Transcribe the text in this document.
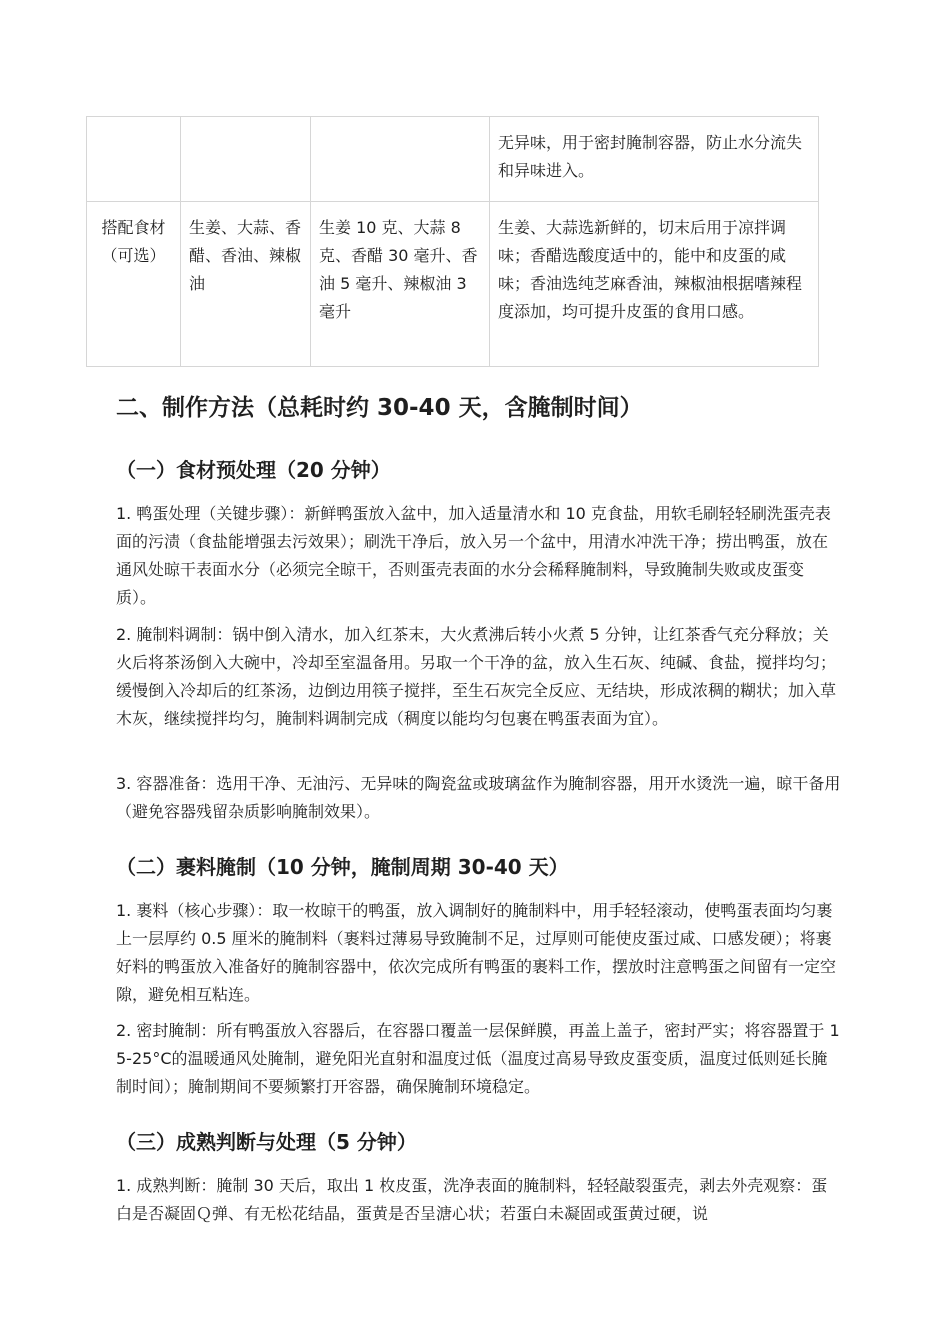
			无异味，用于密封腌制容器，防止水分流失和异味进入。
搭配食材（可选）	生姜、大蒜、香醋、香油、辣椒油	生姜 10 克、大蒜 8 克、香醋 30 毫升、香油 5 毫升、辣椒油 3 毫升	生姜、大蒜选新鲜的，切末后用于凉拌调味；香醋选酸度适中的，能中和皮蛋的咸味；香油选纯芝麻香油，辣椒油根据嗜辣程度添加，均可提升皮蛋的食用口感。
二、制作方法（总耗时约 30-40 天，含腌制时间）
（一）食材预处理（20 分钟）

1. 鸭蛋处理（关键步骤）：新鲜鸭蛋放入盆中，加入适量清水和 10 克食盐，用软毛刷轻轻刷洗蛋壳表面的污渍（食盐能增强去污效果）；刷洗干净后，放入另一个盆中，用清水冲洗干净；捞出鸭蛋，放在通风处晾干表面水分（必须完全晾干，否则蛋壳表面的水分会稀释腌制料，导致腌制失败或皮蛋变质）。

2. 腌制料调制：锅中倒入清水，加入红茶末，大火煮沸后转小火煮 5 分钟，让红茶香气充分释放；关火后将茶汤倒入大碗中，冷却至室温备用。另取一个干净的盆，放入生石灰、纯碱、食盐，搅拌均匀；缓慢倒入冷却后的红茶汤，边倒边用筷子搅拌，至生石灰完全反应、无结块，形成浓稠的糊状；加入草木灰，继续搅拌均匀，腌制料调制完成（稠度以能均匀包裹在鸭蛋表面为宜）。

3. 容器准备：选用干净、无油污、无异味的陶瓷盆或玻璃盆作为腌制容器，用开水烫洗一遍，晾干备用（避免容器残留杂质影响腌制效果）。

（二）裹料腌制（10 分钟，腌制周期 30-40 天）

1. 裹料（核心步骤）：取一枚晾干的鸭蛋，放入调制好的腌制料中，用手轻轻滚动，使鸭蛋表面均匀裹上一层厚约 0.5 厘米的腌制料（裹料过薄易导致腌制不足，过厚则可能使皮蛋过咸、口感发硬）；将裹好料的鸭蛋放入准备好的腌制容器中，依次完成所有鸭蛋的裹料工作，摆放时注意鸭蛋之间留有一定空隙，避免相互粘连。

2. 密封腌制：所有鸭蛋放入容器后，在容器口覆盖一层保鲜膜，再盖上盖子，密封严实；将容器置于 15-25°C的温暖通风处腌制，避免阳光直射和温度过低（温度过高易导致皮蛋变质，温度过低则延长腌制时间）；腌制期间不要频繁打开容器，确保腌制环境稳定。

（三）成熟判断与处理（5 分钟）

1. 成熟判断：腌制 30 天后，取出 1 枚皮蛋，洗净表面的腌制料，轻轻敲裂蛋壳，剥去外壳观察：蛋白是否凝固Ｑ弹、有无松花结晶，蛋黄是否呈溏心状；若蛋白未凝固或蛋黄过硬，说
